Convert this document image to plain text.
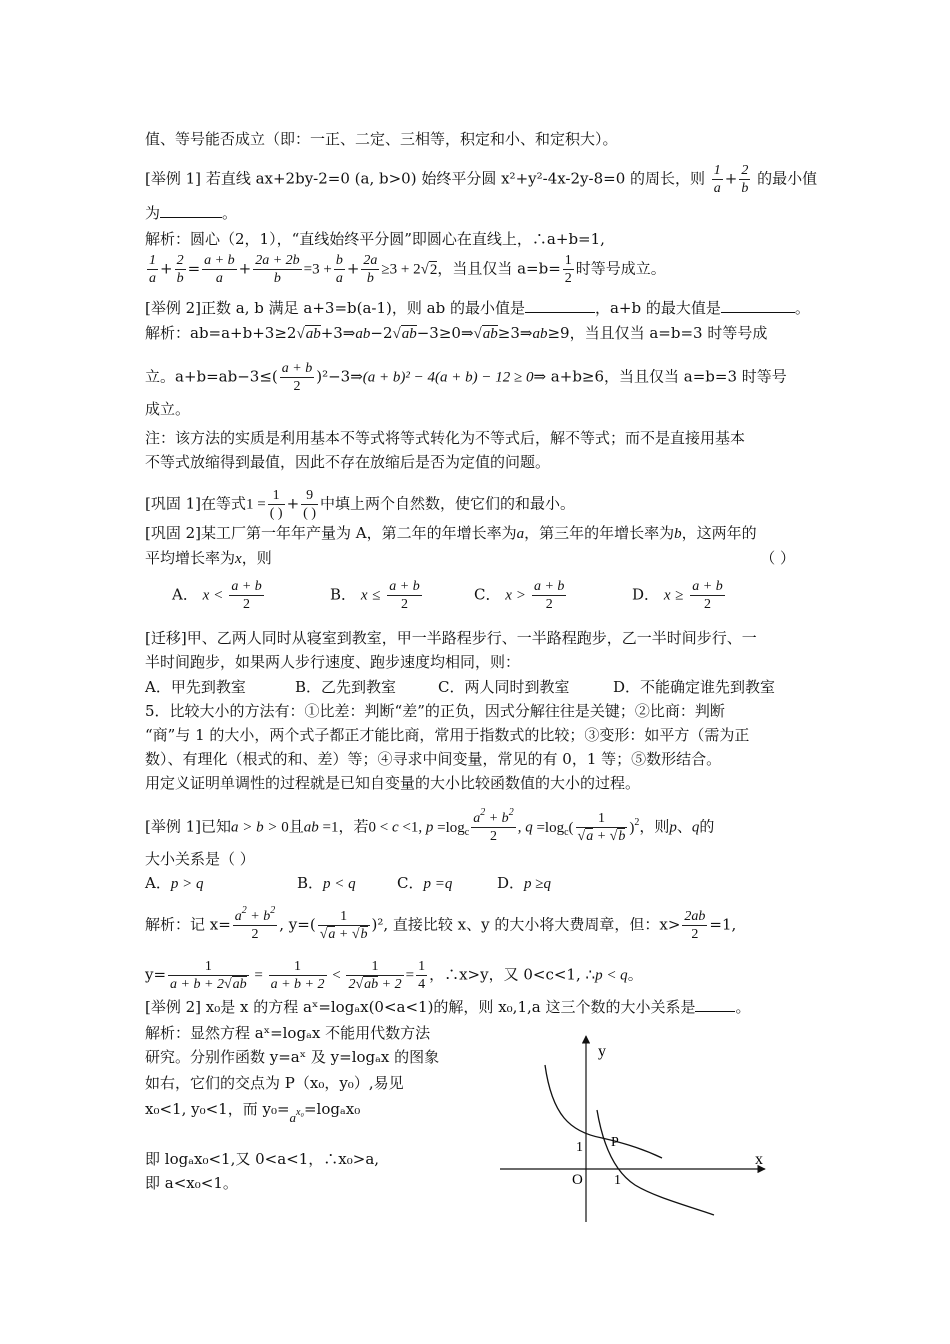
值、等号能否成立（即：一正、二定、三相等，积定和小、和定积大）。
[举例 1] 若直线 ax+2by-2=0 (a, b>0) 始终平分圆 x²+y²-4x-2y-8=0 的周长，则 $\frac{1}{a} + \frac{2}{b}$ 的最小值
为	。
解析：圆心（2，1），“直线始终平分圆”即圆心在直线上，∴a+b=1,
$\frac{1}{a} + \frac{2}{b} = \frac{a + b}{a} + \frac{2a + 2b}{b} =3 + \frac{b}{a} + \frac{2a}{b} \ge 3 + 2√2$，当且仅当 $a=b= \frac{1}{2}$ 时等号成立。
[举例 2]正数 a, b 满足 a+3=b(a-1)，则 ab 的最小值是	，a+b 的最大值是	。
解析：ab=a+b+3≥2√ab+3⇒ab−2√ab−3≥0⇒√ab≥3⇒ab≥9，当且仅当 a=b=3 时等号成
立。$a+b=ab-3\le( \frac{a + b}{2}$ )²−3⇒(a + b)² − 4(a + b) − 12 ≥ 0⇒ a+b≥6，当且仅当 a=b=3 时等号
成立。
注：该方法的实质是利用基本不等式将等式转化为不等式后，解不等式；而不是直接用基本
不等式放缩得到最值，因此不存在放缩后是否为定值的问题。
[巩固 1]在等式1 =
1
( )
+ 9
( )
中填上两个自然数，使它们的和最小。
[巩固 2]某工厂第一年年产量为 A，第二年的年增长率为a，第三年的年增长率为b，这两年的
平均增长率为x，则	（ ）
A． $x < \frac{a + b}{2}$	B． $x \le \frac{a + b}{2}$	C． $x > \frac{a + b}{2}$	D． $x \ge \frac{a + b}{2}$
[迁移]甲、乙两人同时从寝室到教室，甲一半路程步行、一半路程跑步，乙一半时间步行、一
半时间跑步，如果两人步行速度、跑步速度均相同，则：
A．甲先到教室	B．乙先到教室	C．两人同时到教室	D．不能确定谁先到教室
5．比较大小的方法有：①比差：判断“差”的正负，因式分解往往是关键；②比商：判断
“商”与 1 的大小，两个式子都正才能比商，常用于指数式的比较；③变形：如平方（需为正
数）、有理化（根式的和、差）等；④寻求中间变量，常见的有 0，1 等；⑤数形结合。
用定义证明单调性的过程就是已知自变量的大小比较函数值的大小的过程。
[举例 1]已知a > b > 0且ab =1，若0 < c <1, $p =\log_c \frac{a^2 + b^2}{2}$ , $q =\log_c( \frac{1}{√a + √b} )^2$，则p、q的
大小关系是（ ）
A．p > q	B．p < q	C．p =q	D．p ≥q
解析：记 $x= \frac{a^2 + b^2}{2}$ , $y=( \frac{1}{√a + √b} )^2$, 直接比较 x、y 的大小将大费周章，但：$x> \frac{2ab}{2} =1$,
$y= \frac{1}{a + b + 2√ab} = \frac{1}{a + b + 2} < \frac{1}{2√ab + 2} = \frac{1}{4}$ ，∴x>y，又 0<c<1, ∴p < q。
[举例 2] x₀是 x 的方程 aˣ=logₐx(0<a<1)的解，则 x₀,1,a 这三个数的大小关系是	。
解析：显然方程 aˣ=logₐx 不能用代数方法
研究。分别作函数 y=aˣ 及 y=logₐx 的图象
如右，它们的交点为 P（x₀，y₀）,易见
x₀<1, y₀<1，而 $y_0=a^{x_0}=\log_ax_0$
即 logₐx₀<1,又 0<a<1，∴x₀>a,
即 a<x₀<1。
y
x
O
1
1
P
